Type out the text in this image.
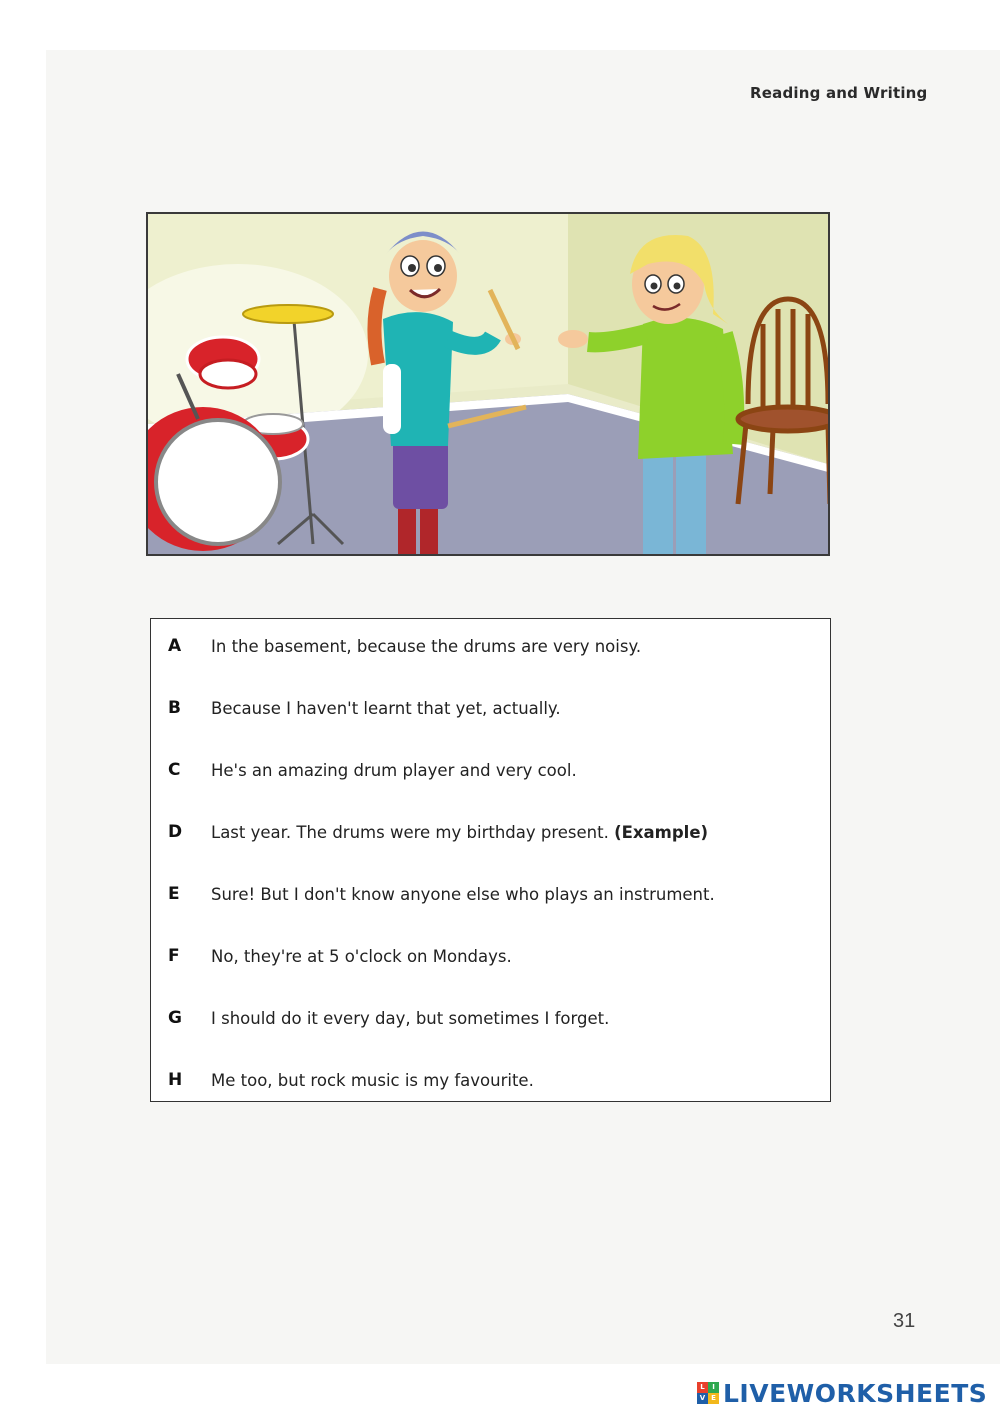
Reading and Writing
A	In the basement, because the drums are very noisy.
B	Because I haven't learnt that yet, actually.
C	He's an amazing drum player and very cool.
D	Last year. The drums were my birthday present. (Example)
E	Sure! But I don't know anyone else who plays an instrument.
F	No, they're at 5 o'clock on Mondays.
G	I should do it every day, but sometimes I forget.
H	Me too, but rock music is my favourite.
31
L	I
V E LIVEWORKSHEETS
